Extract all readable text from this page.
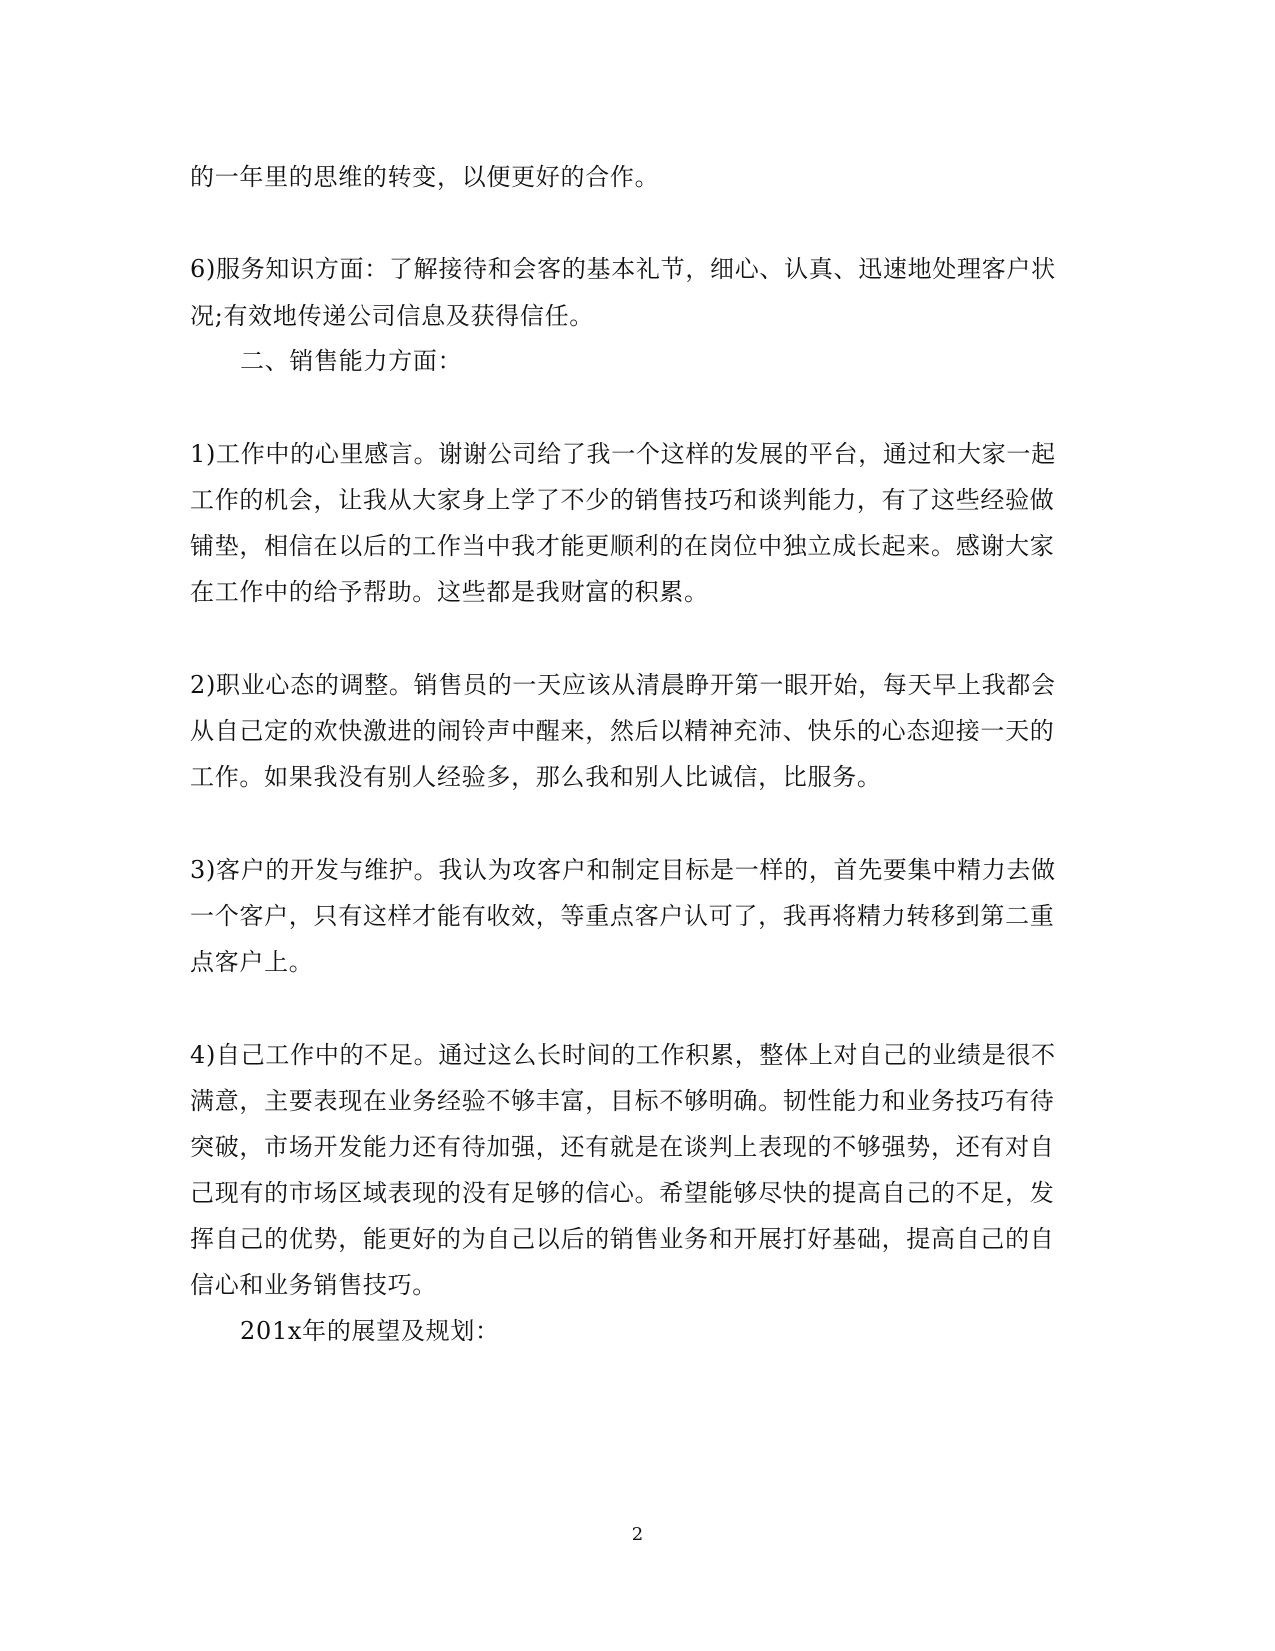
的一年里的思维的转变，以便更好的合作。
6)服务知识方面：了解接待和会客的基本礼节，细心、认真、迅速地处理客户状
况;有效地传递公司信息及获得信任。
二、销售能力方面：
1)工作中的心里感言。谢谢公司给了我一个这样的发展的平台，通过和大家一起
工作的机会，让我从大家身上学了不少的销售技巧和谈判能力，有了这些经验做
铺垫，相信在以后的工作当中我才能更顺利的在岗位中独立成长起来。感谢大家
在工作中的给予帮助。这些都是我财富的积累。
2)职业心态的调整。销售员的一天应该从清晨睁开第一眼开始，每天早上我都会
从自己定的欢快激进的闹铃声中醒来，然后以精神充沛、快乐的心态迎接一天的
工作。如果我没有别人经验多，那么我和别人比诚信，比服务。
3)客户的开发与维护。我认为攻客户和制定目标是一样的，首先要集中精力去做
一个客户，只有这样才能有收效，等重点客户认可了，我再将精力转移到第二重
点客户上。
4)自己工作中的不足。通过这么长时间的工作积累，整体上对自己的业绩是很不
满意，主要表现在业务经验不够丰富，目标不够明确。韧性能力和业务技巧有待
突破，市场开发能力还有待加强，还有就是在谈判上表现的不够强势，还有对自
己现有的市场区域表现的没有足够的信心。希望能够尽快的提高自己的不足，发
挥自己的优势，能更好的为自己以后的销售业务和开展打好基础，提高自己的自
信心和业务销售技巧。
201x年的展望及规划：
2
